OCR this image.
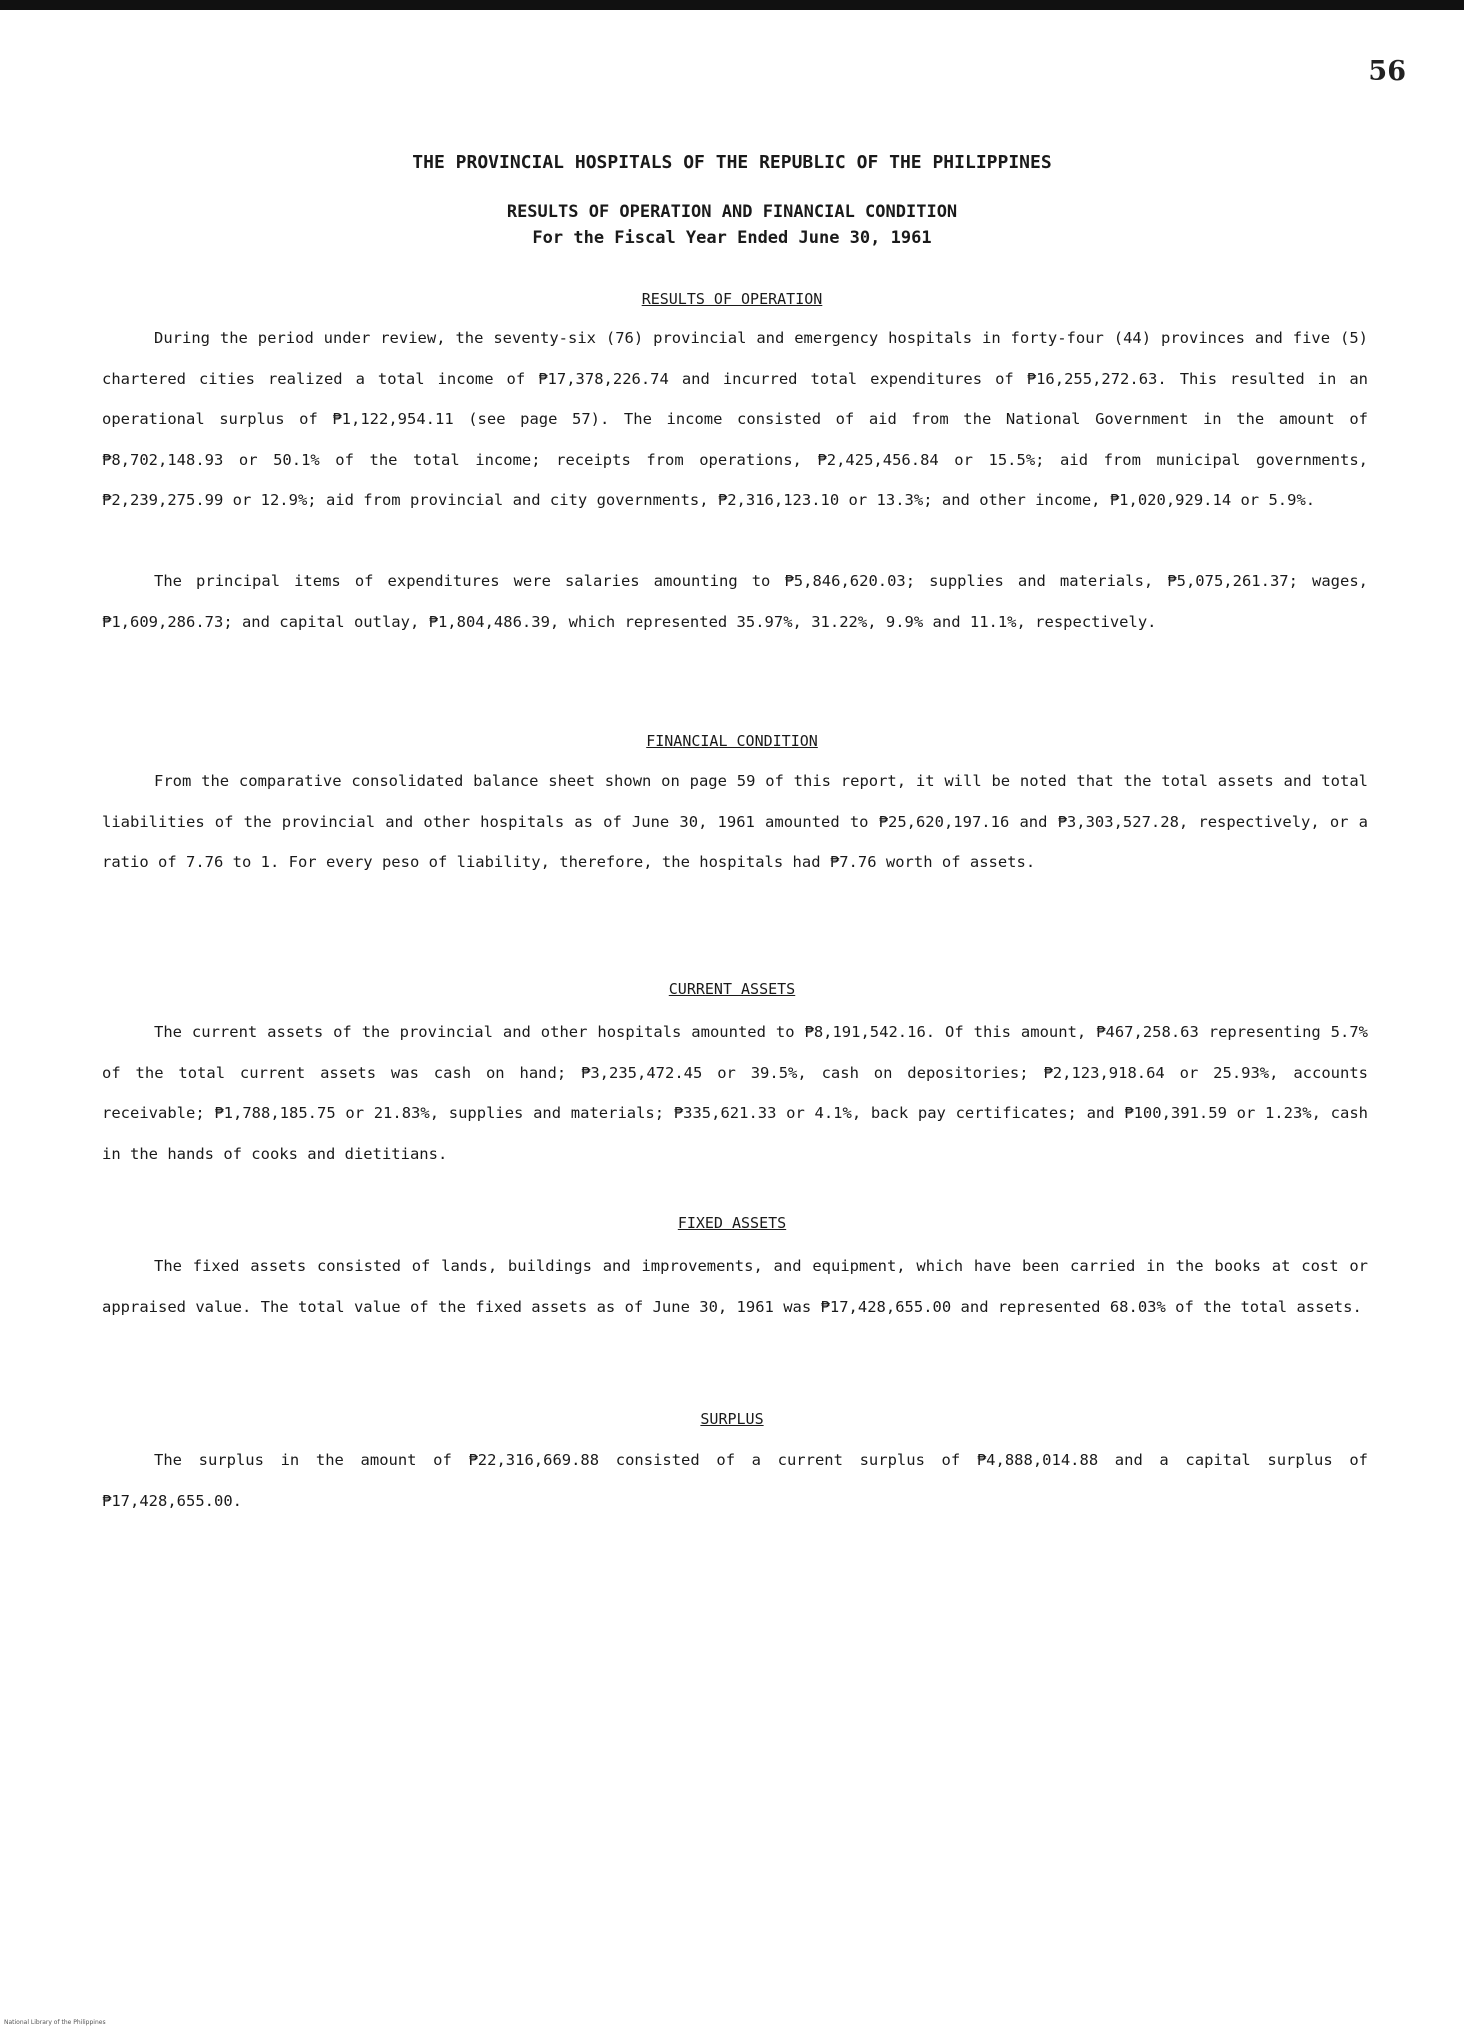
56
THE PROVINCIAL HOSPITALS OF THE REPUBLIC OF THE PHILIPPINES
RESULTS OF OPERATION AND FINANCIAL CONDITION
For the Fiscal Year Ended June 30, 1961
RESULTS OF OPERATION
During the period under review, the seventy-six (76) provincial and emergency hospitals in forty-four (44) provinces and five (5) chartered cities realized a total income of ₱17,378,226.74 and incurred total expenditures of ₱16,255,272.63. This resulted in an operational surplus of ₱1,122,954.11 (see page 57). The income consisted of aid from the National Government in the amount of ₱8,702,148.93 or 50.1% of the total income; receipts from operations, ₱2,425,456.84 or 15.5%; aid from municipal governments, ₱2,239,275.99 or 12.9%; aid from provincial and city governments, ₱2,316,123.10 or 13.3%; and other income, ₱1,020,929.14 or 5.9%.
The principal items of expenditures were salaries amounting to ₱5,846,620.03; supplies and materials, ₱5,075,261.37; wages, ₱1,609,286.73; and capital outlay, ₱1,804,486.39, which represented 35.97%, 31.22%, 9.9% and 11.1%, respectively.
FINANCIAL CONDITION
From the comparative consolidated balance sheet shown on page 59 of this report, it will be noted that the total assets and total liabilities of the provincial and other hospitals as of June 30, 1961 amounted to ₱25,620,197.16 and ₱3,303,527.28, respectively, or a ratio of 7.76 to 1. For every peso of liability, therefore, the hospitals had ₱7.76 worth of assets.
CURRENT ASSETS
The current assets of the provincial and other hospitals amounted to ₱8,191,542.16. Of this amount, ₱467,258.63 representing 5.7% of the total current assets was cash on hand; ₱3,235,472.45 or 39.5%, cash on depositories; ₱2,123,918.64 or 25.93%, accounts receivable; ₱1,788,185.75 or 21.83%, supplies and materials; ₱335,621.33 or 4.1%, back pay certificates; and ₱100,391.59 or 1.23%, cash in the hands of cooks and dietitians.
FIXED ASSETS
The fixed assets consisted of lands, buildings and improvements, and equipment, which have been carried in the books at cost or appraised value. The total value of the fixed assets as of June 30, 1961 was ₱17,428,655.00 and represented 68.03% of the total assets.
SURPLUS
The surplus in the amount of ₱22,316,669.88 consisted of a current surplus of ₱4,888,014.88 and a capital surplus of ₱17,428,655.00.
National Library of the Philippines
